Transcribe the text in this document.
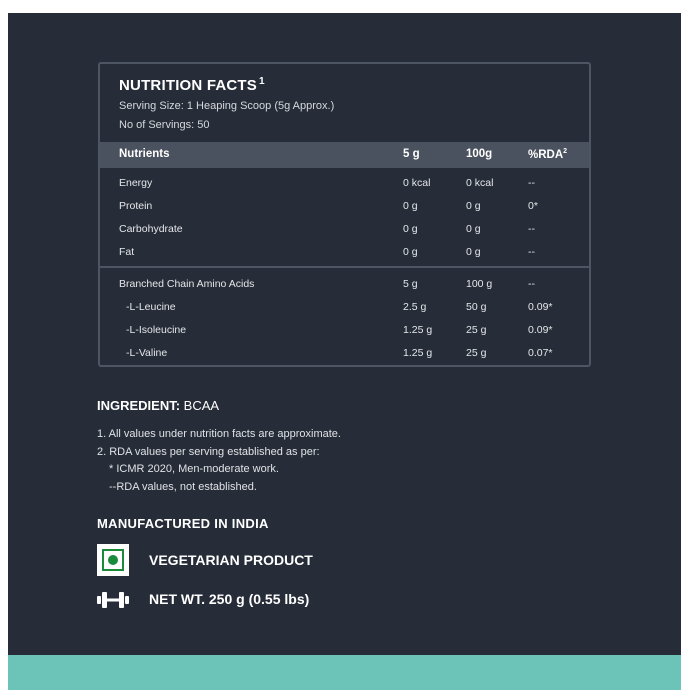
NUTRITION FACTS $^1$
Serving Size: 1 Heaping Scoop (5g Approx.)
No of Servings: 50
Nutrients	5 g	100g	%RDA$^2$
Energy	0 kcal	0 kcal	--
Protein	0 g	0 g	0*
Carbohydrate	0 g	0 g	--
Fat	0 g	0 g	--
Branched Chain Amino Acids	5 g	100 g	--
-L-Leucine	2.5 g	50 g	0.09*
-L-Isoleucine	1.25 g	25 g	0.09*
-L-Valine	1.25 g	25 g	0.07*
INGREDIENT: BCAA
1. All values under nutrition facts are approximate.
2. RDA values per serving established as per:
* ICMR 2020, Men-moderate work.
--RDA values, not established.
MANUFACTURED IN INDIA
VEGETARIAN PRODUCT
NET WT. 250 g (0.55 lbs)
